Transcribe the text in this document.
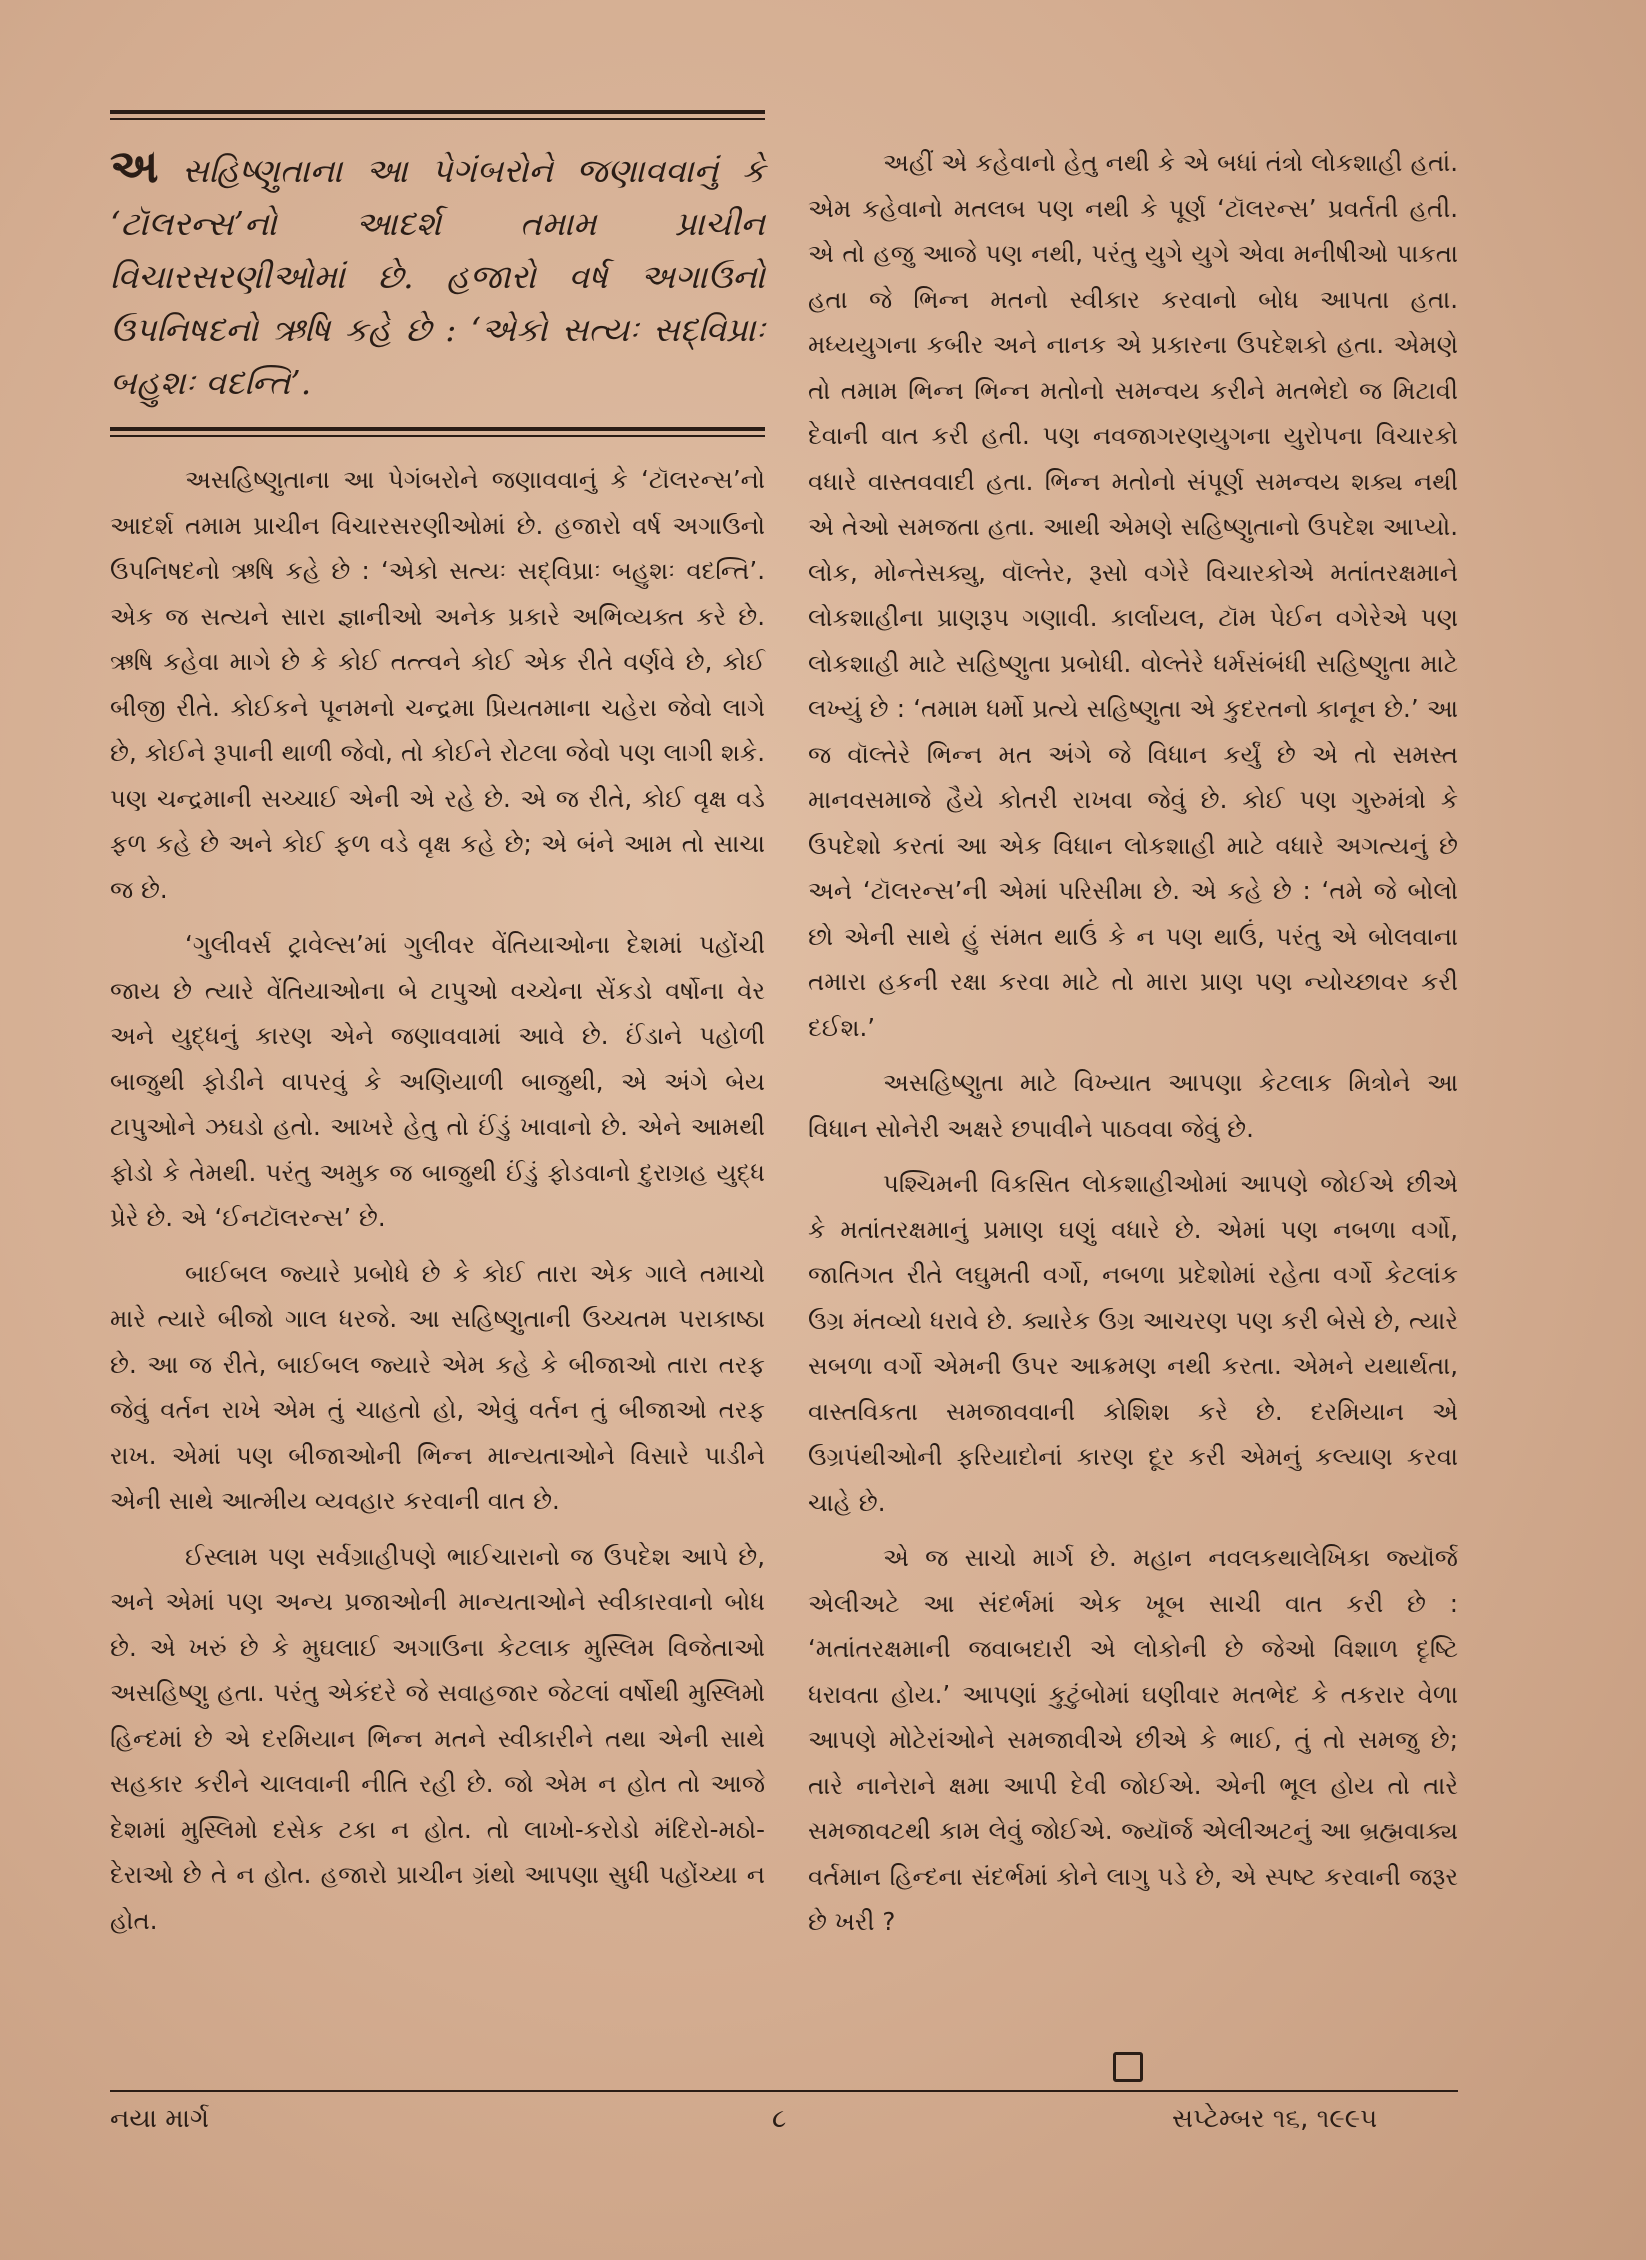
અ સહિષ્ણુતાના આ પેગંબરોને જણાવવાનું કે ‘ટૉલરન્સ’નો આદર્શ તમામ પ્રાચીન વિચારસરણીઓમાં છે. હજારો વર્ષ અગાઉનો ઉપનિષદનો ઋષિ કહે છે : ‘એકો સત્યઃ સદ્‌વિપ્રાઃ બહુશઃ વદન્તિ’.

અસહિષ્ણુતાના આ પેગંબરોને જણાવવાનું કે ‘ટૉલરન્સ’નો આદર્શ તમામ પ્રાચીન વિચારસરણીઓમાં છે. હજારો વર્ષ અગાઉનો ઉપનિષદનો ઋષિ કહે છે : ‘એકો સત્યઃ સદ્‌વિપ્રાઃ બહુશઃ વદન્તિ’. એક જ સત્યને સારા જ્ઞાનીઓ અનેક પ્રકારે અભિવ્યક્ત કરે છે. ઋષિ કહેવા માગે છે કે કોઈ તત્ત્વને કોઈ એક રીતે વર્ણવે છે, કોઈ બીજી રીતે. કોઈકને પૂનમનો ચન્દ્રમા પ્રિયતમાના ચહેરા જેવો લાગે છે, કોઈને રૂપાની થાળી જેવો, તો કોઈને રોટલા જેવો પણ લાગી શકે. પણ ચન્દ્રમાની સચ્ચાઈ એની એ રહે છે. એ જ રીતે, કોઈ વૃક્ષ વડે ફળ કહે છે અને કોઈ ફળ વડે વૃક્ષ કહે છે; એ બંને આમ તો સાચા જ છે.

‘ગુલીવર્સ ટ્રાવેલ્સ’માં ગુલીવર વેંતિયાઓના દેશમાં પહોંચી જાય છે ત્યારે વેંતિયાઓના બે ટાપુઓ વચ્ચેના સેંકડો વર્ષોના વેર અને યુદ્ધનું કારણ એને જણાવવામાં આવે છે. ઈંડાને પહોળી બાજુથી ફોડીને વાપરવું કે અણિયાળી બાજુથી, એ અંગે બેય ટાપુઓને ઝઘડો હતો. આખરે હેતુ તો ઈંડું ખાવાનો છે. એને આમથી ફોડો કે તેમથી. પરંતુ અમુક જ બાજુથી ઈંડું ફોડવાનો દુરાગ્રહ યુદ્ધ પ્રેરે છે. એ ‘ઈનટૉલરન્સ’ છે.

બાઈબલ જ્યારે પ્રબોધે છે કે કોઈ તારા એક ગાલે તમાચો મારે ત્યારે બીજો ગાલ ધરજે. આ સહિષ્ણુતાની ઉચ્ચતમ પરાકાષ્ઠા છે. આ જ રીતે, બાઈબલ જ્યારે એમ કહે કે બીજાઓ તારા તરફ જેવું વર્તન રાખે એમ તું ચાહતો હો, એવું વર્તન તું બીજાઓ તરફ રાખ. એમાં પણ બીજાઓની ભિન્ન માન્યતાઓને વિસારે પાડીને એની સાથે આત્મીય વ્યવહાર કરવાની વાત છે.

ઈસ્લામ પણ સર્વગ્રાહીપણે ભાઈચારાનો જ ઉપદેશ આપે છે, અને એમાં પણ અન્ય પ્રજાઓની માન્યતાઓને સ્વીકારવાનો બોધ છે. એ ખરું છે કે મુઘલાઈ અગાઉના કેટલાક મુસ્લિમ વિજેતાઓ અસહિષ્ણુ હતા. પરંતુ એકંદરે જે સવાહજાર જેટલાં વર્ષોથી મુસ્લિમો હિન્દમાં છે એ દરમિયાન ભિન્ન મતને સ્વીકારીને તથા એની સાથે સહકાર કરીને ચાલવાની નીતિ રહી છે. જો એમ ન હોત તો આજે દેશમાં મુસ્લિમો દસેક ટકા ન હોત. તો લાખો-કરોડો મંદિરો-મઠો-દેરાઓ છે તે ન હોત. હજારો પ્રાચીન ગ્રંથો આપણા સુધી પહોંચ્યા ન હોત.

અહીં એ કહેવાનો હેતુ નથી કે એ બધાં તંત્રો લોકશાહી હતાં. એમ કહેવાનો મતલબ પણ નથી કે પૂર્ણ ‘ટૉલરન્સ’ પ્રવર્તતી હતી. એ તો હજુ આજે પણ નથી, પરંતુ યુગે યુગે એવા મનીષીઓ પાકતા હતા જે ભિન્ન મતનો સ્વીકાર કરવાનો બોધ આપતા હતા. મધ્યયુગના કબીર અને નાનક એ પ્રકારના ઉપદેશકો હતા. એમણે તો તમામ ભિન્ન ભિન્ન મતોનો સમન્વય કરીને મતભેદો જ મિટાવી દેવાની વાત કરી હતી. પણ નવજાગરણયુગના યુરોપના વિચારકો વધારે વાસ્તવવાદી હતા. ભિન્ન મતોનો સંપૂર્ણ સમન્વય શક્ય નથી એ તેઓ સમજતા હતા. આથી એમણે સહિષ્ણુતાનો ઉપદેશ આપ્યો. લોક, મોન્તેસક્યુ, વૉલ્તેર, રૂસો વગેરે વિચારકોએ મતાંતરક્ષમાને લોકશાહીના પ્રાણરૂપ ગણાવી. કાર્લાયલ, ટૉમ પેઈન વગેરેએ પણ લોકશાહી માટે સહિષ્ણુતા પ્રબોધી. વોલ્તેરે ધર્મસંબંધી સહિષ્ણુતા માટે લખ્યું છે : ‘તમામ ધર્મો પ્રત્યે સહિષ્ણુતા એ કુદરતનો કાનૂન છે.’ આ જ વૉલ્તેરે ભિન્ન મત અંગે જે વિધાન કર્યું છે એ તો સમસ્ત માનવસમાજે હૈયે કોતરી રાખવા જેવું છે. કોઈ પણ ગુરુમંત્રો કે ઉપદેશો કરતાં આ એક વિધાન લોકશાહી માટે વધારે અગત્યનું છે અને ‘ટૉલરન્સ’ની એમાં પરિસીમા છે. એ કહે છે : ‘તમે જે બોલો છો એની સાથે હું સંમત થાઉં કે ન પણ થાઉં, પરંતુ એ બોલવાના તમારા હકની રક્ષા કરવા માટે તો મારા પ્રાણ પણ ન્યોચ્છાવર કરી દઈશ.’

અસહિષ્ણુતા માટે વિખ્યાત આપણા કેટલાક મિત્રોને આ વિધાન સોનેરી અક્ષરે છપાવીને પાઠવવા જેવું છે.

પશ્ચિમની વિકસિત લોકશાહીઓમાં આપણે જોઈએ છીએ કે મતાંતરક્ષમાનું પ્રમાણ ઘણું વધારે છે. એમાં પણ નબળા વર્ગો, જાતિગત રીતે લઘુમતી વર્ગો, નબળા પ્રદેશોમાં રહેતા વર્ગો કેટલાંક ઉગ્ર મંતવ્યો ધરાવે છે. ક્યારેક ઉગ્ર આચરણ પણ કરી બેસે છે, ત્યારે સબળા વર્ગો એમની ઉપર આક્રમણ નથી કરતા. એમને યથાર્થતા, વાસ્તવિકતા સમજાવવાની કોશિશ કરે છે. દરમિયાન એ ઉગ્રપંથીઓની ફરિયાદોનાં કારણ દૂર કરી એમનું કલ્યાણ કરવા ચાહે છે.

એ જ સાચો માર્ગ છે. મહાન નવલકથાલેખિકા જ્યૉર્જ એલીઅટે આ સંદર્ભમાં એક ખૂબ સાચી વાત કરી છે : ‘મતાંતરક્ષમાની જવાબદારી એ લોકોની છે જેઓ વિશાળ દૃષ્ટિ ધરાવતા હોય.’ આપણાં કુટુંબોમાં ઘણીવાર મતભેદ કે તકરાર વેળા આપણે મોટેરાંઓને સમજાવીએ છીએ કે ભાઈ, તું તો સમજુ છે; તારે નાનેરાને ક્ષમા આપી દેવી જોઈએ. એની ભૂલ હોય તો તારે સમજાવટથી કામ લેવું જોઈએ. જ્યૉર્જ એલીઅટનું આ બ્રહ્મવાક્ય વર્તમાન હિન્દના સંદર્ભમાં કોને લાગુ પડે છે, એ સ્પષ્ટ કરવાની જરૂર છે ખરી ?

નયા માર્ગ	૮	સપ્ટેમ્બર ૧૬, ૧૯૯૫
